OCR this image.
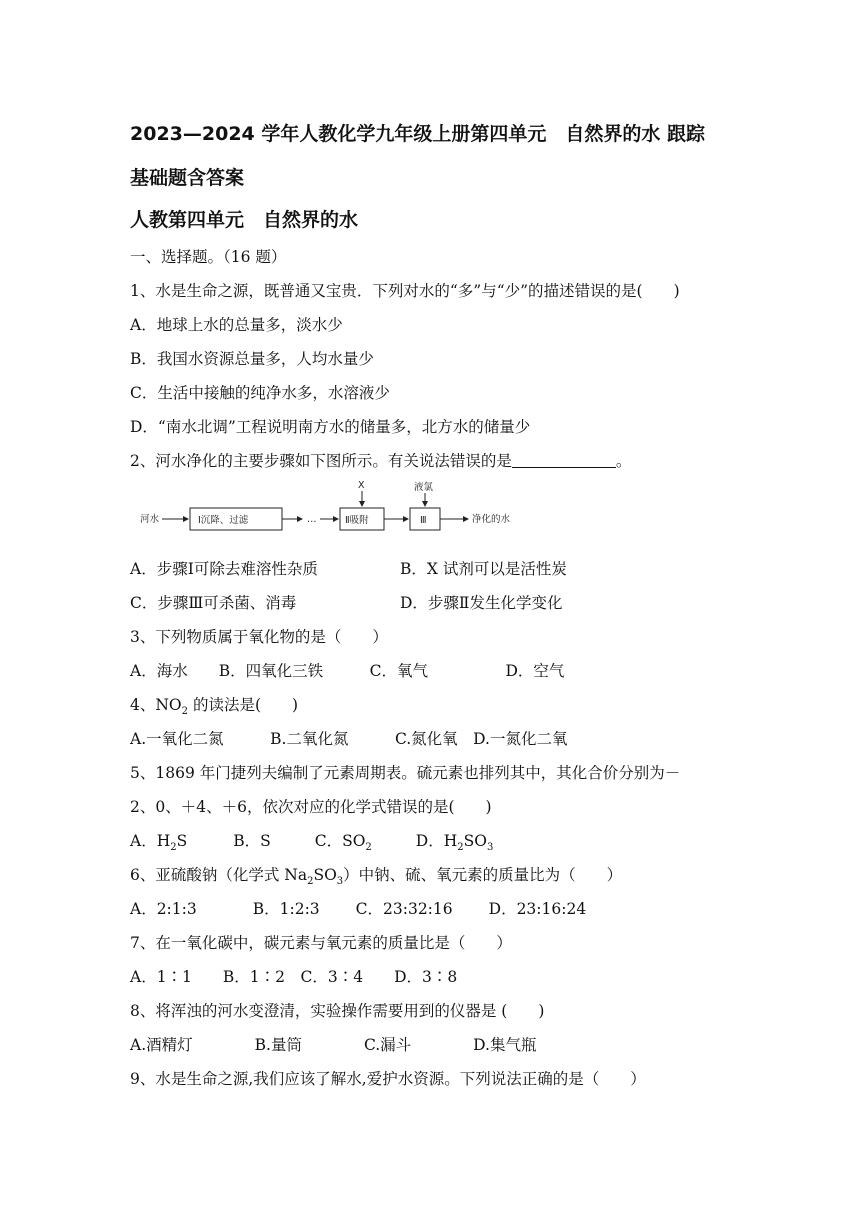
2023—2024 学年人教化学九年级上册第四单元　自然界的水 跟踪
基础题含答案
人教第四单元　自然界的水
一、选择题。（16 题）
1、水是生命之源，既普通又宝贵．下列对水的“多”与“少”的描述错误的是(　　)
A．地球上水的总量多，淡水少
B．我国水资源总量多，人均水量少
C．生活中接触的纯净水多，水溶液少
D．“南水北调”工程说明南方水的储量多，北方水的储量少
2、河水净化的主要步骤如下图所示。有关说法错误的是	。
河水	Ⅰ沉降、过滤	…	Ⅱ吸附
X
Ⅲ
液氯
净化的水
A．步骤Ⅰ可除去难溶性杂质	B．X 试剂可以是活性炭
C．步骤Ⅲ可杀菌、消毒	D．步骤Ⅱ发生化学变化
3、下列物质属于氧化物的是（　　）
A．海水　　B．四氧化三铁　　　C．氧气　　　　　D．空气
4、$NO_2$ 的读法是(　　)
A.一氧化二氮　　　B.二氧化氮　　　C.氮化氧　D.一氮化二氧
5、1869 年门捷列夫编制了元素周期表。硫元素也排列其中，其化合价分别为－
2、0、＋4、＋6，依次对应的化学式错误的是(　　)
A．$H_2S$	B．S	C．$SO_2$	D．$H_2SO_3$
6、亚硫酸钠（化学式 $Na_2SO_3$）中钠、硫、氧元素的质量比为（　　）
A．2:1:3	B．1:2:3 C．23:32:16 D．23:16:24
7、在一氧化碳中，碳元素与氧元素的质量比是（　　）
A．1∶1　　B．1∶2　C．3∶4　　D．3∶8
8、将浑浊的河水变澄清，实验操作需要用到的仪器是 (　　)
A.酒精灯　　　　B.量筒　　　　C.漏斗　　　　D.集气瓶
9、水是生命之源,我们应该了解水,爱护水资源。下列说法正确的是（　　）
